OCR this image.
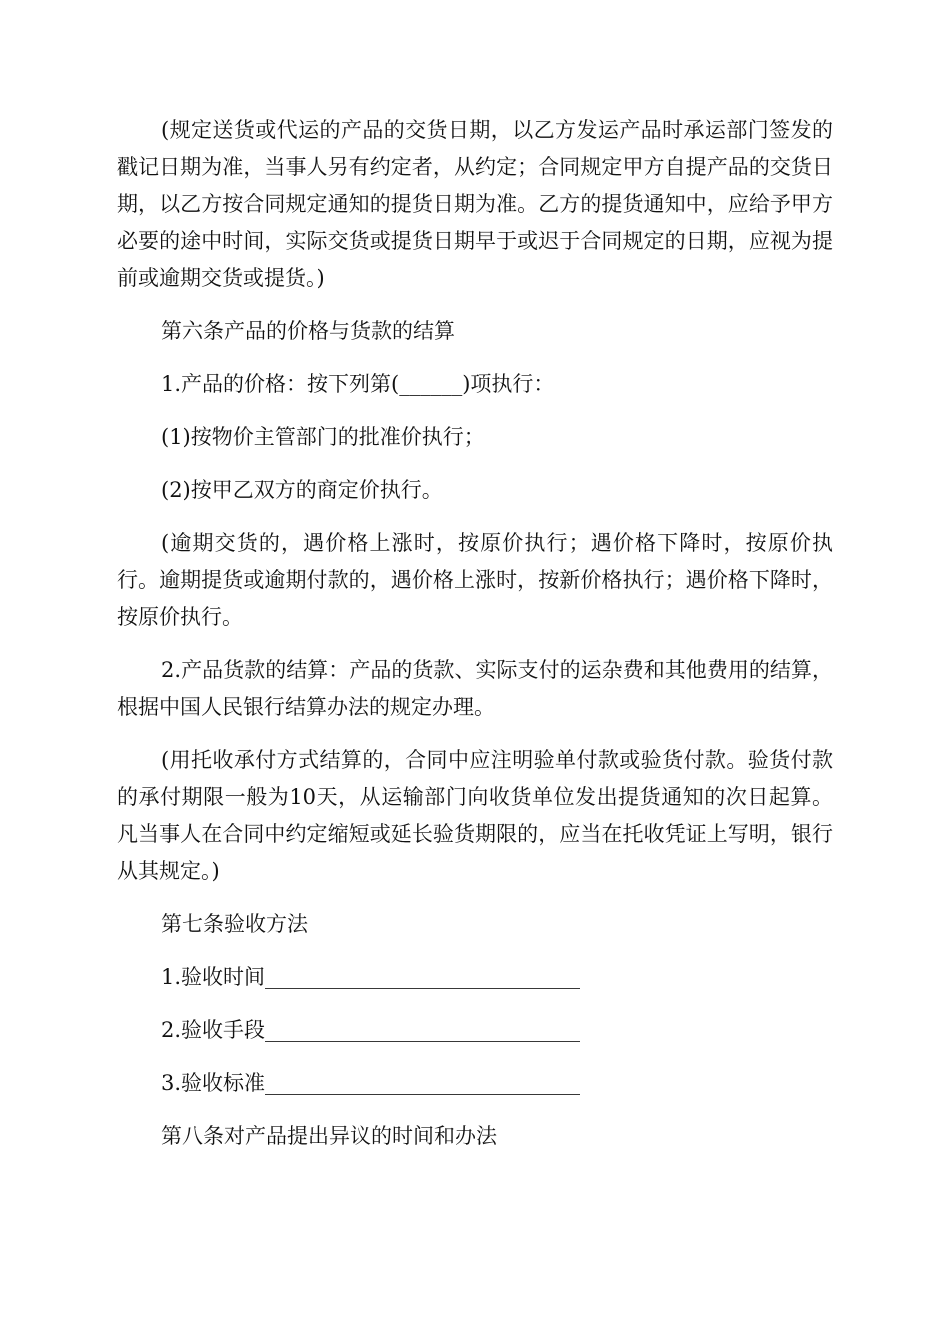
(规定送货或代运的产品的交货日期，以乙方发运产品时承运部门签发的戳记日期为准，当事人另有约定者，从约定；合同规定甲方自提产品的交货日期，以乙方按合同规定通知的提货日期为准。乙方的提货通知中，应给予甲方必要的途中时间，实际交货或提货日期早于或迟于合同规定的日期，应视为提前或逾期交货或提货。)

第六条产品的价格与货款的结算

1.产品的价格：按下列第(______)项执行：

(1)按物价主管部门的批准价执行；

(2)按甲乙双方的商定价执行。

(逾期交货的，遇价格上涨时，按原价执行；遇价格下降时，按原价执行。逾期提货或逾期付款的，遇价格上涨时，按新价格执行；遇价格下降时，按原价执行。

2.产品货款的结算：产品的货款、实际支付的运杂费和其他费用的结算，根据中国人民银行结算办法的规定办理。

(用托收承付方式结算的，合同中应注明验单付款或验货付款。验货付款的承付期限一般为10天，从运输部门向收货单位发出提货通知的次日起算。凡当事人在合同中约定缩短或延长验货期限的，应当在托收凭证上写明，银行从其规定。)

第七条验收方法

1.验收时间______________________________

2.验收手段______________________________

3.验收标准______________________________

第八条对产品提出异议的时间和办法
